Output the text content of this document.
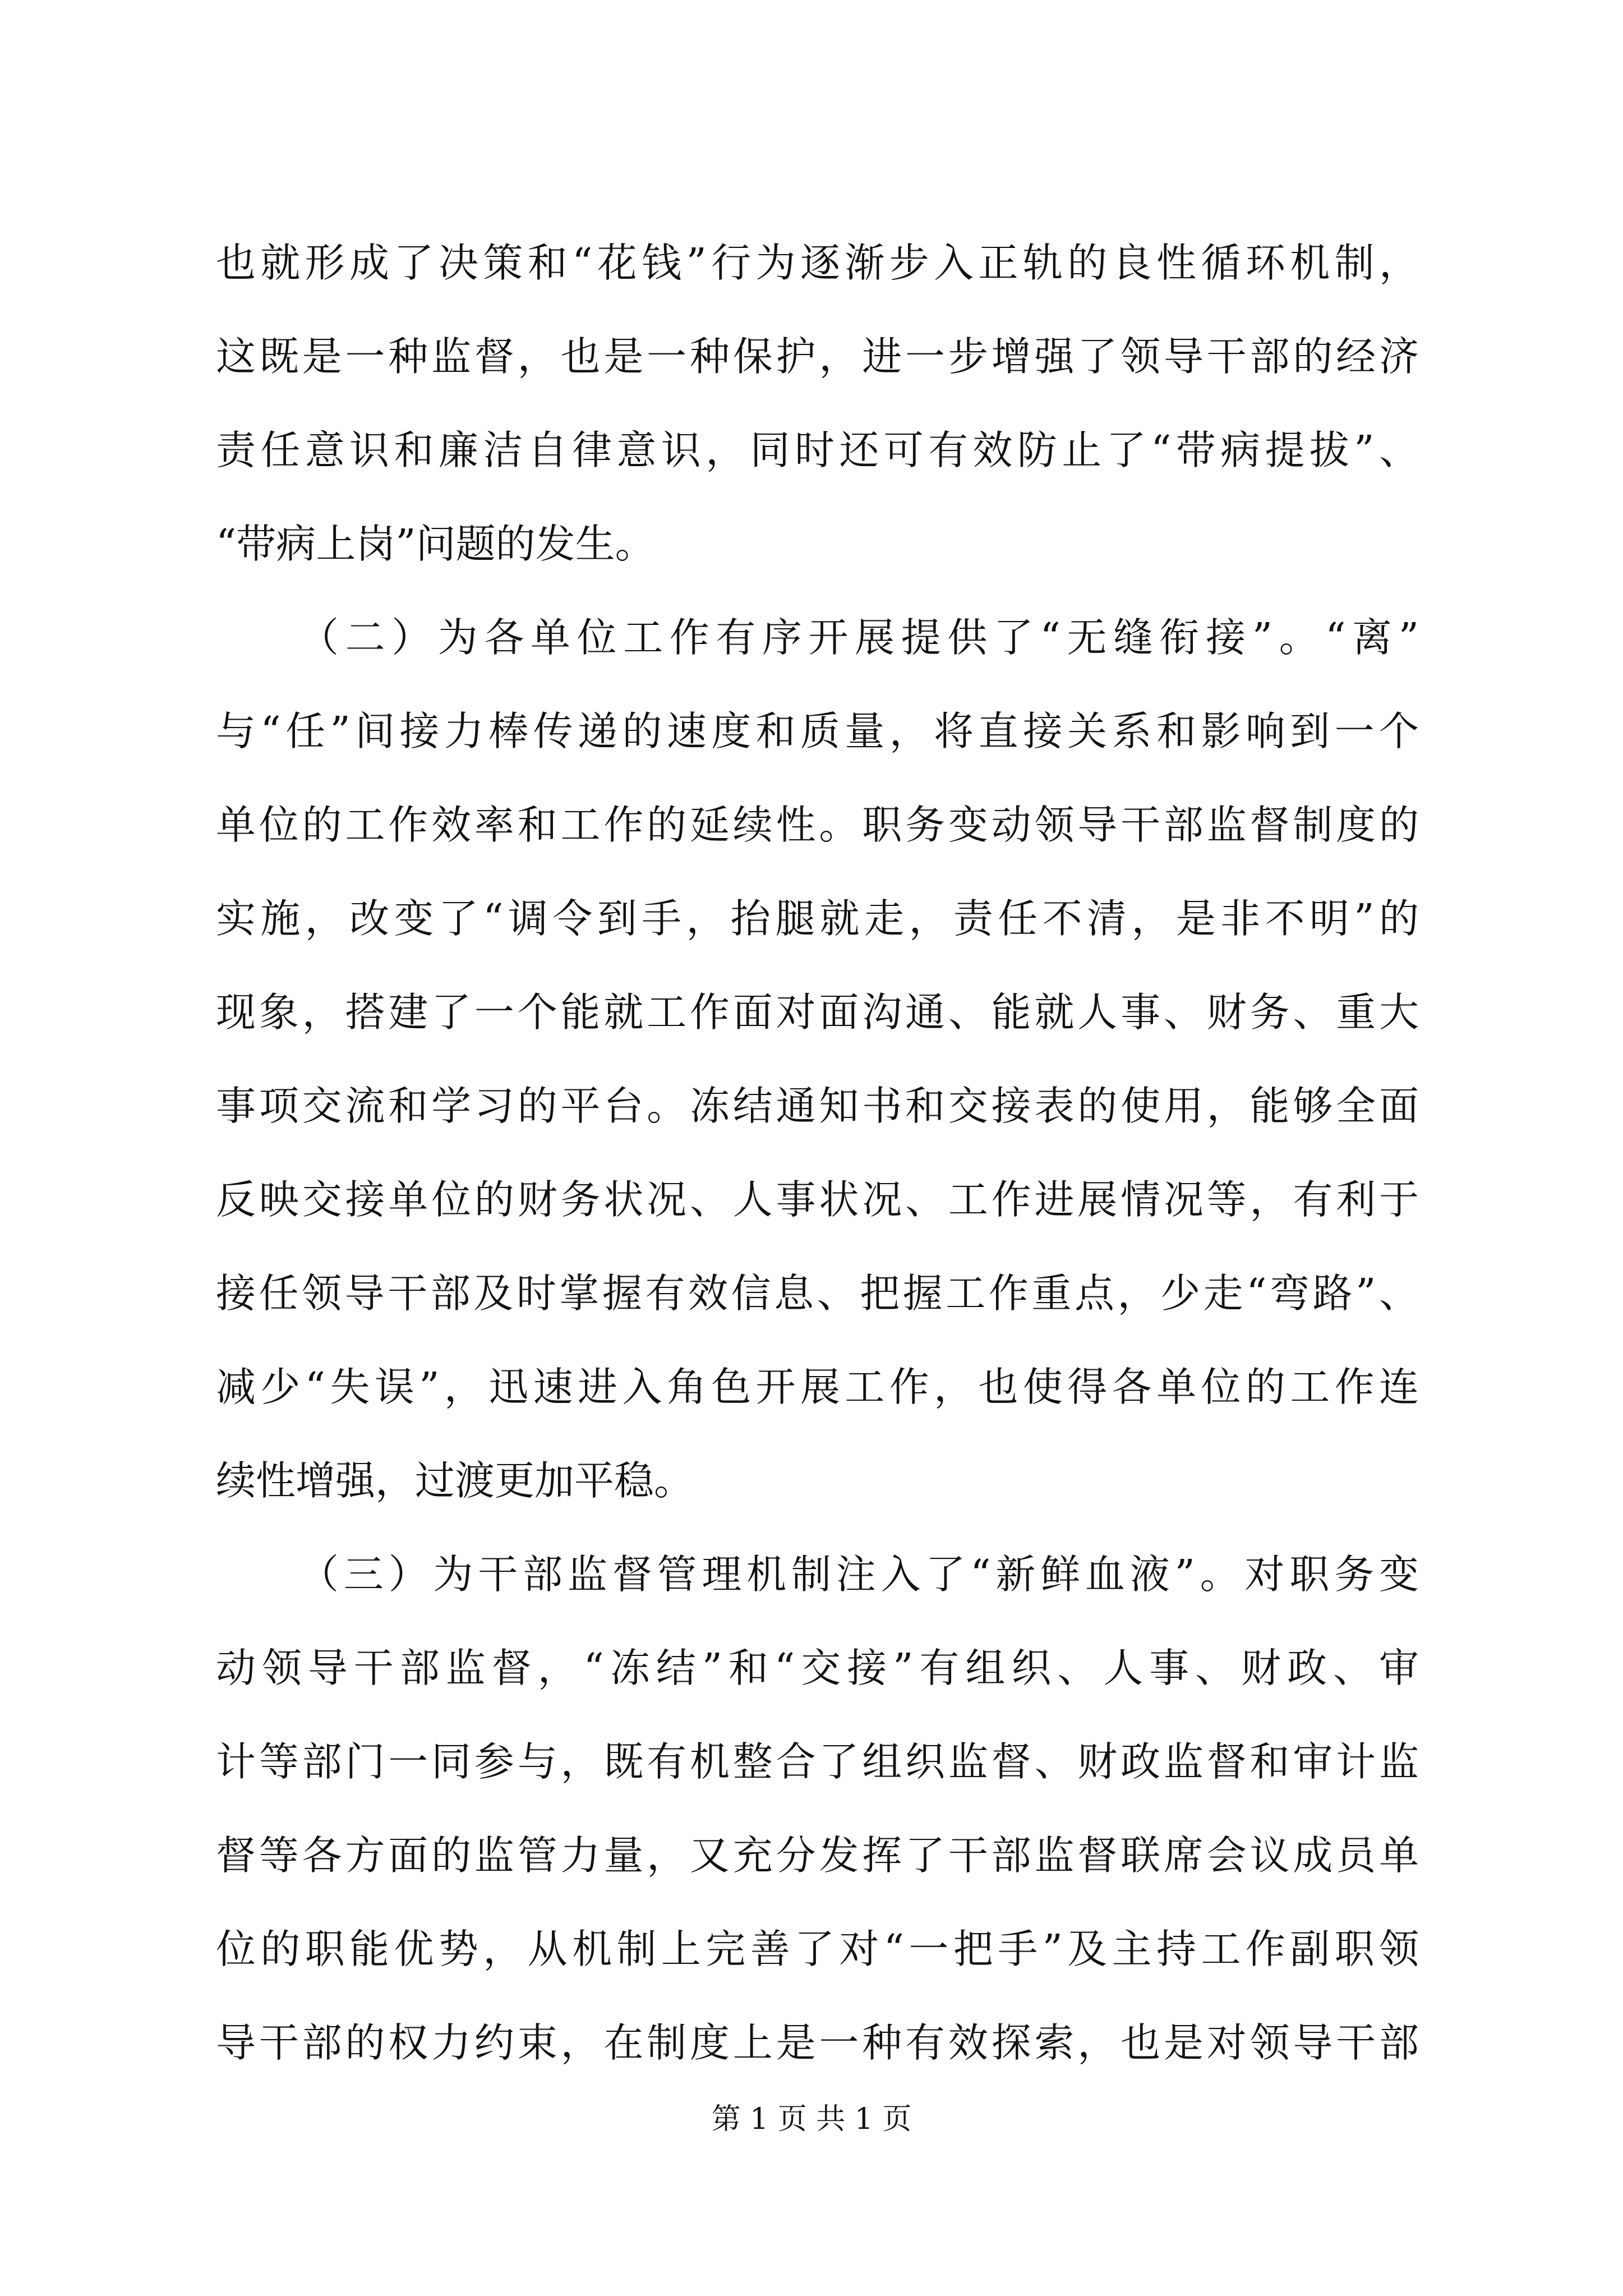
也就形成了决策和“花钱”行为逐渐步入正轨的良性循环机制，
这既是一种监督，也是一种保护，进一步增强了领导干部的经济
责任意识和廉洁自律意识，同时还可有效防止了“带病提拔”、
“带病上岗”问题的发生。
（二）为各单位工作有序开展提供了“无缝衔接”。“离”
与“任”间接力棒传递的速度和质量，将直接关系和影响到一个
单位的工作效率和工作的延续性。职务变动领导干部监督制度的
实施，改变了“调令到手，抬腿就走，责任不清，是非不明”的
现象，搭建了一个能就工作面对面沟通、能就人事、财务、重大
事项交流和学习的平台。冻结通知书和交接表的使用，能够全面
反映交接单位的财务状况、人事状况、工作进展情况等，有利于
接任领导干部及时掌握有效信息、把握工作重点，少走“弯路”、
减少“失误”，迅速进入角色开展工作，也使得各单位的工作连
续性增强，过渡更加平稳。
（三）为干部监督管理机制注入了“新鲜血液”。对职务变
动领导干部监督，“冻结”和“交接”有组织、人事、财政、审
计等部门一同参与，既有机整合了组织监督、财政监督和审计监
督等各方面的监管力量，又充分发挥了干部监督联席会议成员单
位的职能优势，从机制上完善了对“一把手”及主持工作副职领
导干部的权力约束，在制度上是一种有效探索，也是对领导干部
第 1 页 共 1 页
